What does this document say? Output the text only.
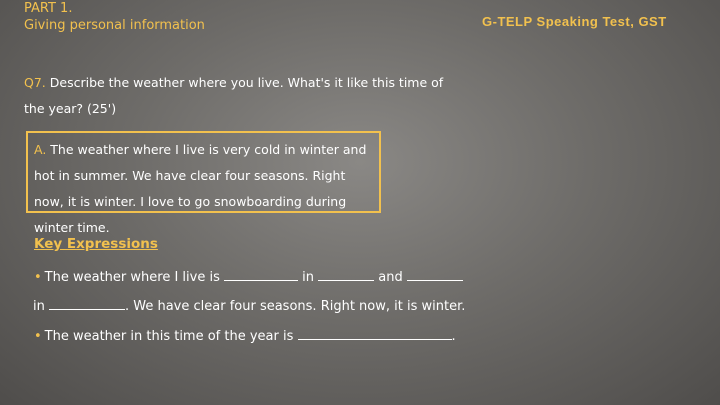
PART 1.
Giving personal information	G-TELP Speaking Test, GST
Q7. Describe the weather where you live. What's it like this time of the year? (25')
A. The weather where I live is very cold in winter and hot in summer. We have clear four seasons. Right now, it is winter. I love to go snowboarding during winter time.
Key Expressions
• The weather where I live is	in	and
in	. We have clear four seasons. Right now, it is winter.
• The weather in this time of the year is	.
